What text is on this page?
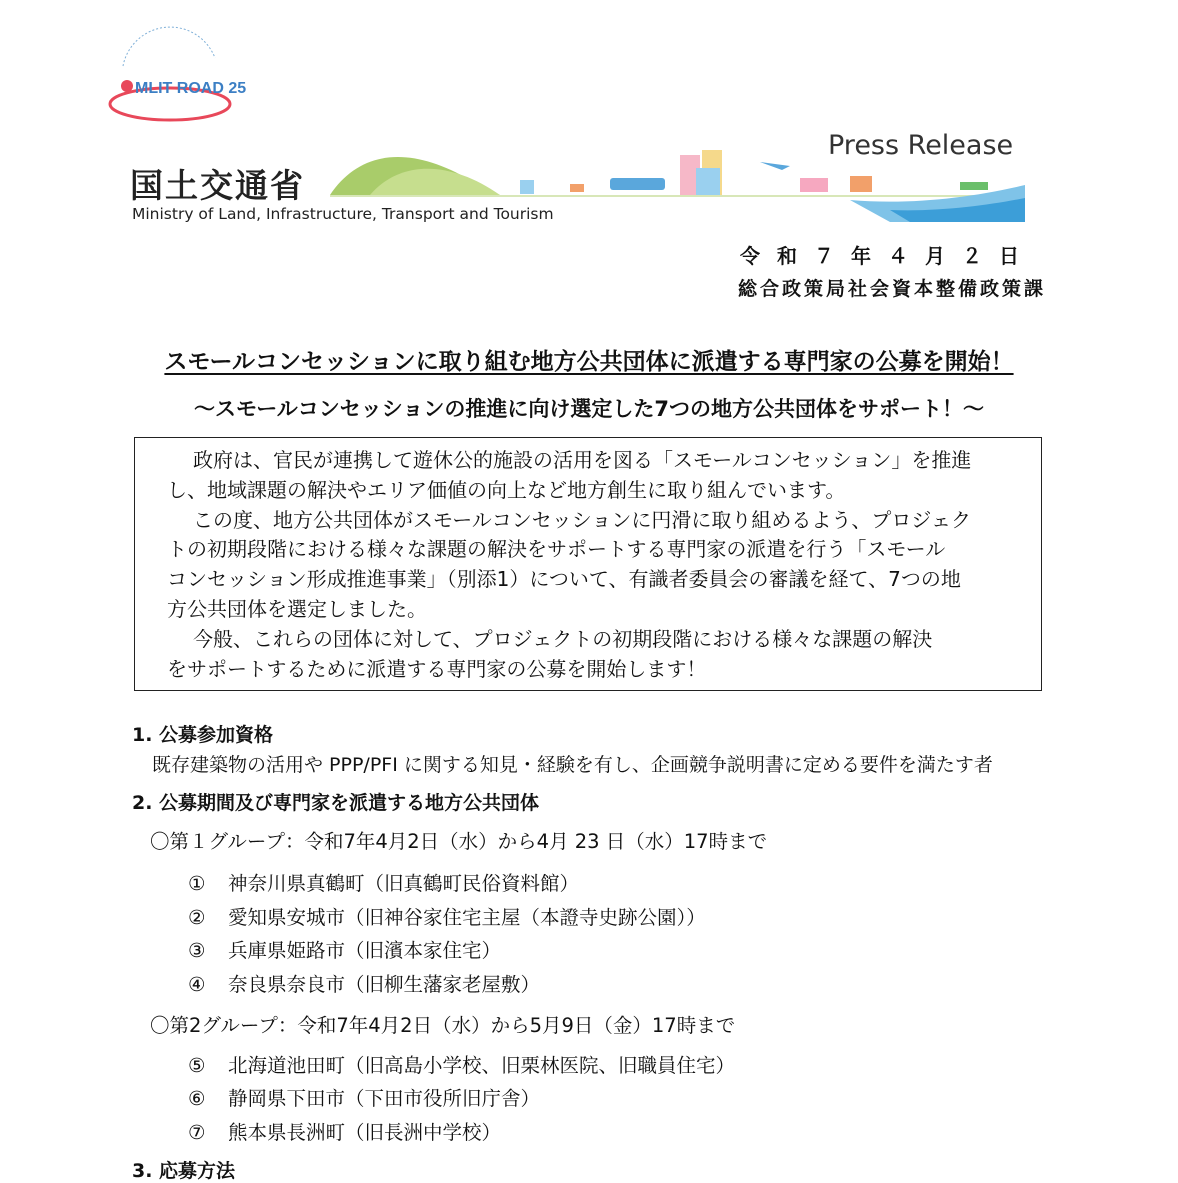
MLIT ROAD 25
国土交通省
Ministry of Land, Infrastructure, Transport and Tourism
Press Release
令和７年４月２日
総合政策局社会資本整備政策課
スモールコンセッションに取り組む地方公共団体に派遣する専門家の公募を開始！
～スモールコンセッションの推進に向け選定した7つの地方公共団体をサポート！～

政府は、官民が連携して遊休公的施設の活用を図る「スモールコンセッション」を推進

し、地域課題の解決やエリア価値の向上など地方創生に取り組んでいます。

この度、地方公共団体がスモールコンセッションに円滑に取り組めるよう、プロジェク

トの初期段階における様々な課題の解決をサポートする専門家の派遣を行う「スモール

コンセッション形成推進事業」（別添1）について、有識者委員会の審議を経て、7つの地

方公共団体を選定しました。

今般、これらの団体に対して、プロジェクトの初期段階における様々な課題の解決

をサポートするために派遣する専門家の公募を開始します！

1. 公募参加資格
既存建築物の活用や PPP/PFI に関する知見・経験を有し、企画競争説明書に定める要件を満たす者
2. 公募期間及び専門家を派遣する地方公共団体
〇第１グループ：令和7年4月2日（水）から4月 23 日（水）17時まで
① 神奈川県真鶴町（旧真鶴町民俗資料館）
② 愛知県安城市（旧神谷家住宅主屋（本證寺史跡公園））
③ 兵庫県姫路市（旧濱本家住宅）
④ 奈良県奈良市（旧柳生藩家老屋敷）
〇第2グループ：令和7年4月2日（水）から5月9日（金）17時まで
⑤ 北海道池田町（旧高島小学校、旧栗林医院、旧職員住宅）
⑥ 静岡県下田市（下田市役所旧庁舎）
⑦ 熊本県長洲町（旧長洲中学校）
3. 応募方法
